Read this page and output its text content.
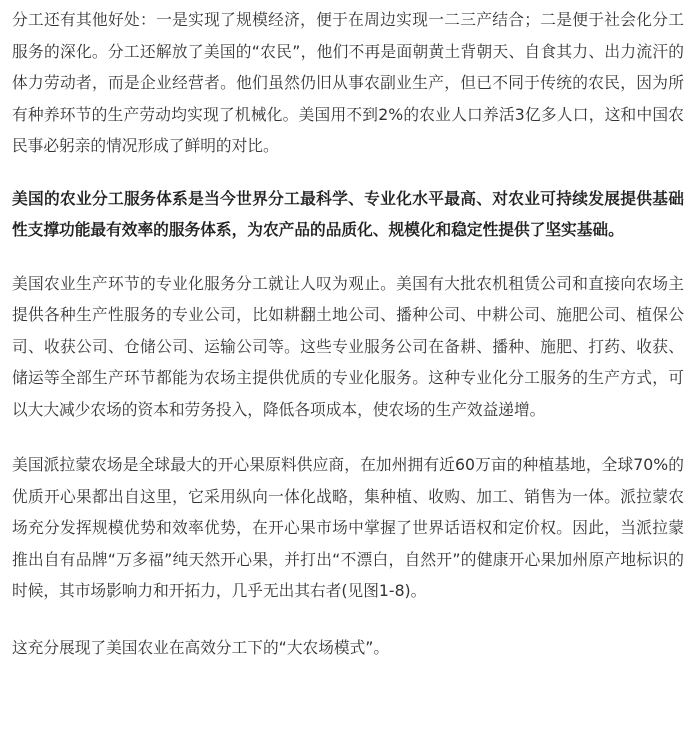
分工还有其他好处：一是实现了规模经济，便于在周边实现一二三产结合；二是便于社会化分工服务的深化。分工还解放了美国的“农民”，他们不再是面朝黄土背朝天、自食其力、出力流汗的体力劳动者，而是企业经营者。他们虽然仍旧从事农副业生产，但已不同于传统的农民，因为所有种养环节的生产劳动均实现了机械化。美国用不到2%的农业人口养活3亿多人口，这和中国农民事必躬亲的情况形成了鲜明的对比。

美国的农业分工服务体系是当今世界分工最科学、专业化水平最高、对农业可持续发展提供基础性支撑功能最有效率的服务体系，为农产品的品质化、规模化和稳定性提供了坚实基础。

美国农业生产环节的专业化服务分工就让人叹为观止。美国有大批农机租赁公司和直接向农场主提供各种生产性服务的专业公司，比如耕翻土地公司、播种公司、中耕公司、施肥公司、植保公司、收获公司、仓储公司、运输公司等。这些专业服务公司在备耕、播种、施肥、打药、收获、储运等全部生产环节都能为农场主提供优质的专业化服务。这种专业化分工服务的生产方式，可以大大减少农场的资本和劳务投入，降低各项成本，使农场的生产效益递增。

美国派拉蒙农场是全球最大的开心果原料供应商，在加州拥有近60万亩的种植基地，全球70%的优质开心果都出自这里，它采用纵向一体化战略，集种植、收购、加工、销售为一体。派拉蒙农场充分发挥规模优势和效率优势，在开心果市场中掌握了世界话语权和定价权。因此，当派拉蒙推出自有品牌“万多福”纯天然开心果，并打出“不漂白，自然开”的健康开心果加州原产地标识的时候，其市场影响力和开拓力，几乎无出其右者(见图1-8)。

这充分展现了美国农业在高效分工下的“大农场模式”。
